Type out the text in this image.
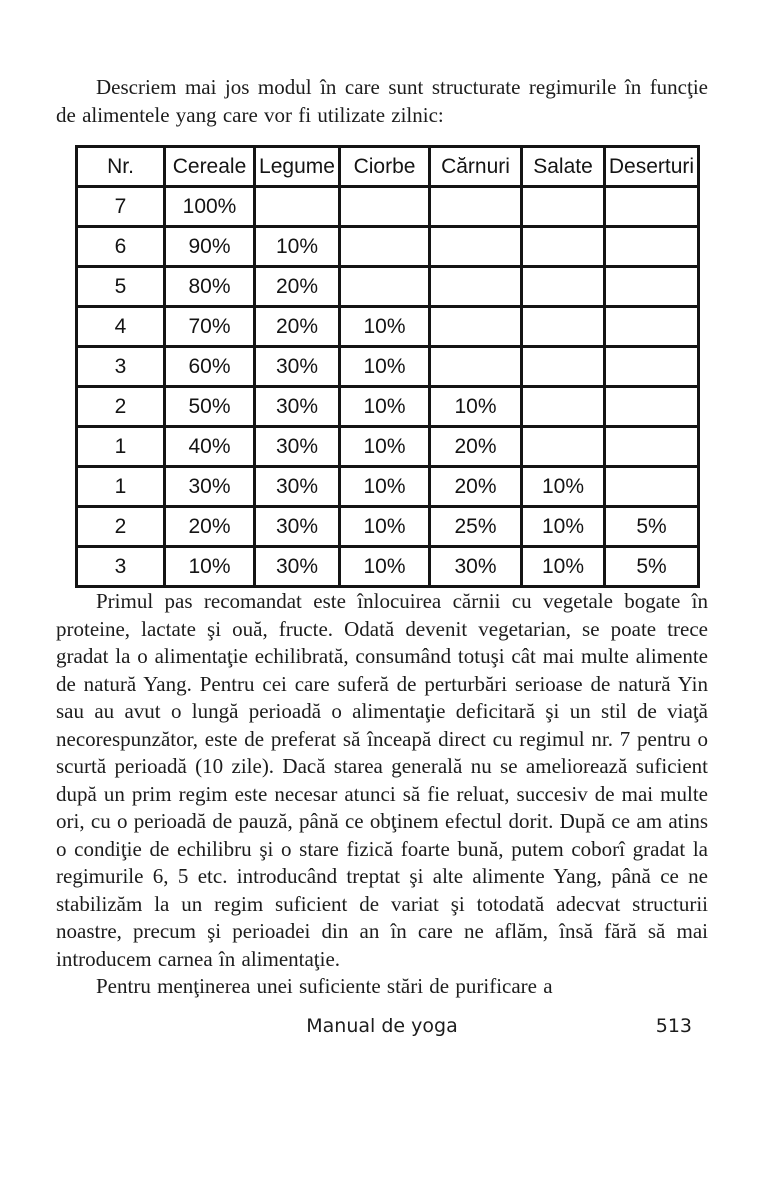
Descriem mai jos modul în care sunt structurate regimurile în funcţie de alimentele yang care vor fi utilizate zilnic:

Nr.	Cereale	Legume	Ciorbe	Cărnuri	Salate	Deserturi
7	100%					
6	90%	10%				
5	80%	20%				
4	70%	20%	10%			
3	60%	30%	10%			
2	50%	30%	10%	10%		
1	40%	30%	10%	20%		
1	30%	30%	10%	20%	10%	
2	20%	30%	10%	25%	10%	5%
3	10%	30%	10%	30%	10%	5%

Primul pas recomandat este înlocuirea cărnii cu vegetale bogate în proteine, lactate şi ouă, fructe. Odată devenit vegetarian, se poate trece gradat la o alimentaţie echilibrată, consumând totuşi cât mai multe alimente de natură Yang. Pentru cei care suferă de perturbări serioase de natură Yin sau au avut o lungă perioadă o alimentaţie deficitară şi un stil de viaţă necorespunzător, este de preferat să înceapă direct cu regimul nr. 7 pentru o scurtă perioadă (10 zile). Dacă starea generală nu se ameliorează suficient după un prim regim este necesar atunci să fie reluat, succesiv de mai multe ori, cu o perioadă de pauză, până ce obţinem efectul dorit. După ce am atins o condiţie de echilibru şi o stare fizică foarte bună, putem coborî gradat la regimurile 6, 5 etc. introducând treptat şi alte alimente Yang, până ce ne stabilizăm la un regim suficient de variat şi totodată adecvat structurii noastre, precum şi perioadei din an în care ne aflăm, însă fără să mai introducem carnea în alimentaţie.

Pentru menţinerea unei suficiente stări de purificare a

Manual de yoga	513
